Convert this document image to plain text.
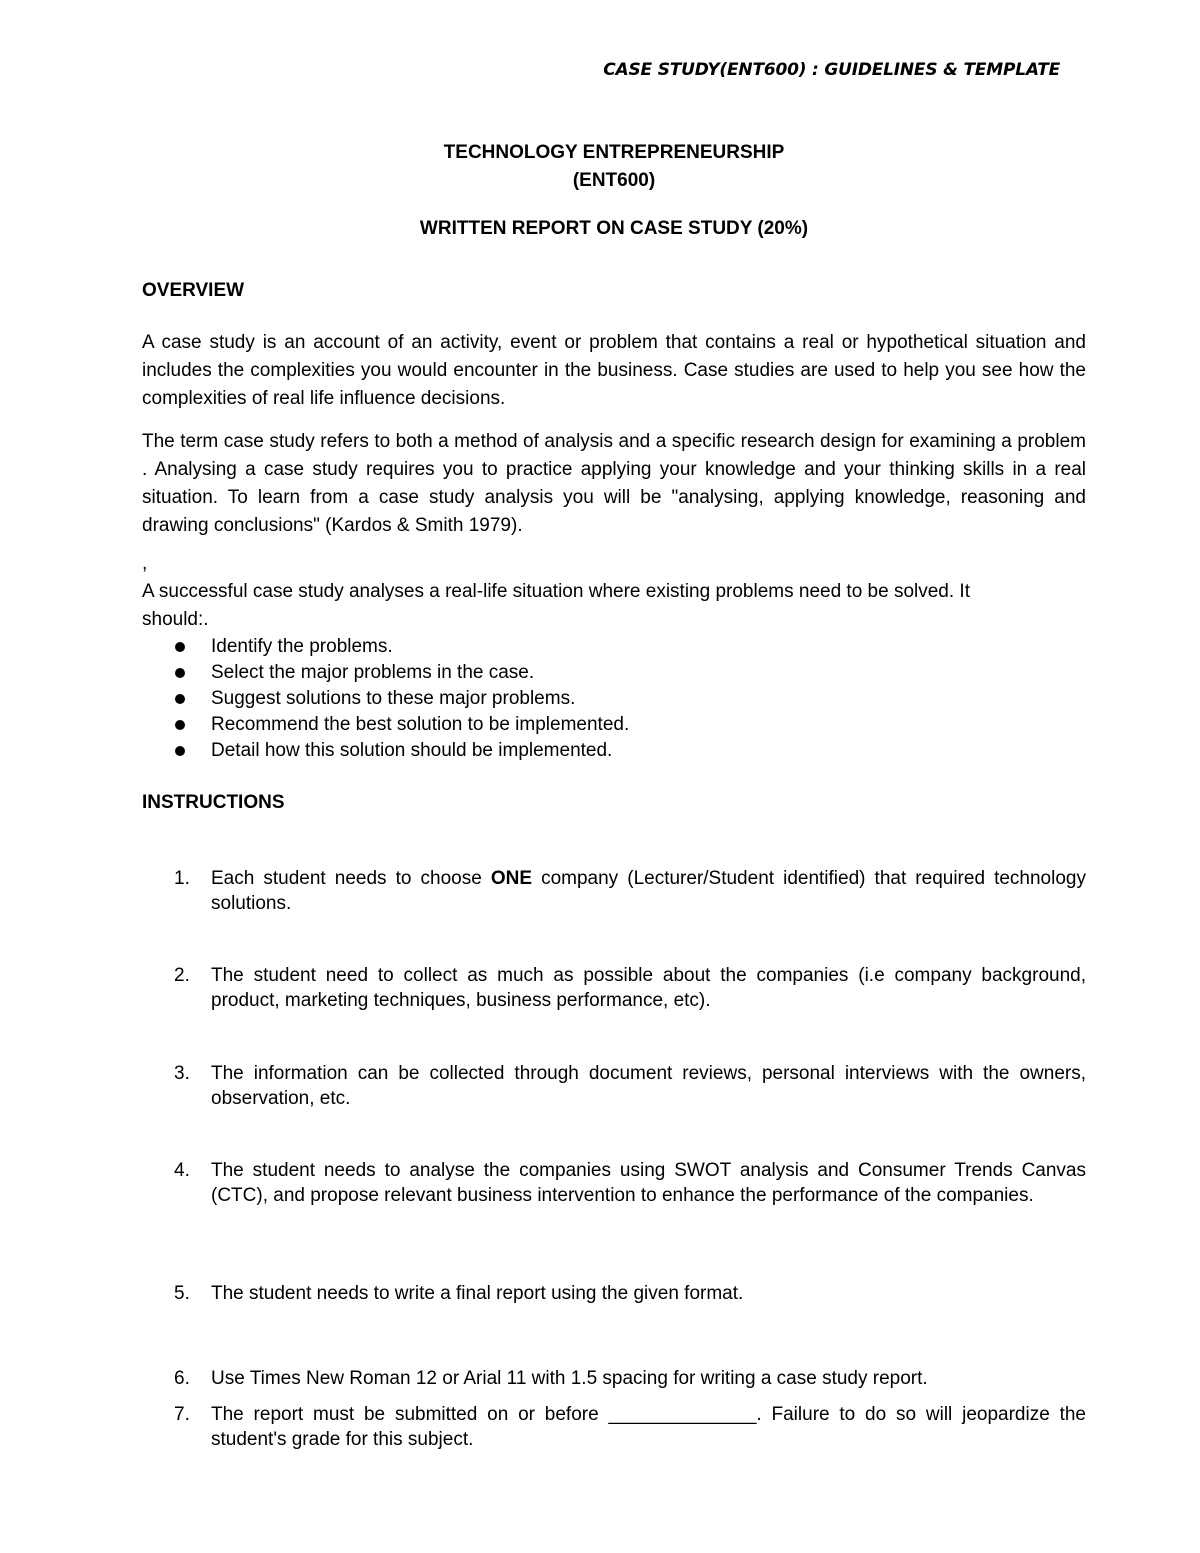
CASE STUDY(ENT600) : GUIDELINES & TEMPLATE
TECHNOLOGY ENTREPRENEURSHIP
(ENT600)
WRITTEN REPORT ON CASE STUDY (20%)
OVERVIEW
A case study is an account of an activity, event or problem that contains a real or hypothetical situation and includes the complexities you would encounter in the business. Case studies are used to help you see how the complexities of real life influence decisions.
The term case study refers to both a method of analysis and a specific research design for examining a problem . Analysing a case study requires you to practice applying your knowledge and your thinking skills in a real situation. To learn from a case study analysis you will be "analysing, applying knowledge, reasoning and drawing conclusions" (Kardos & Smith 1979).
,
A successful case study analyses a real-life situation where existing problems need to be solved. It
should:.
Identify the problems.
Select the major problems in the case.
Suggest solutions to these major problems.
Recommend the best solution to be implemented.
Detail how this solution should be implemented.
INSTRUCTIONS
1.	Each student needs to choose ONE company (Lecturer/Student identified) that required technology solutions.
2.	The student need to collect as much as possible about the companies (i.e company background, product, marketing techniques, business performance, etc).
3.	The information can be collected through document reviews, personal interviews with the owners, observation, etc.
4.	The student needs to analyse the companies using SWOT analysis and Consumer Trends Canvas (CTC), and propose relevant business intervention to enhance the performance of the companies.
5.	The student needs to write a final report using the given format.
6.	Use Times New Roman 12 or Arial 11 with 1.5 spacing for writing a case study report.
7.	The report must be submitted on or before ______________. Failure to do so will jeopardize the student's grade for this subject.
